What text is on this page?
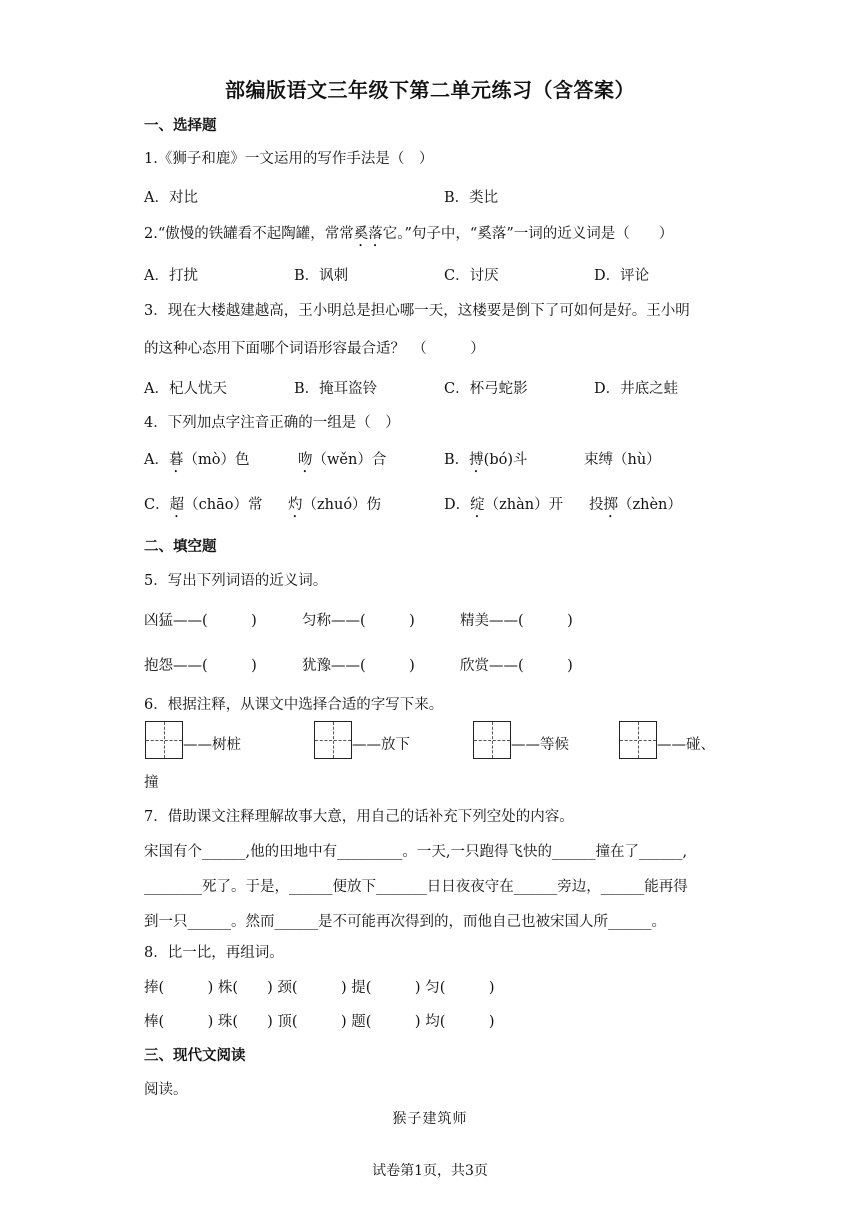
部编版语文三年级下第二单元练习（含答案）
一、选择题
1.《狮子和鹿》一文运用的写作手法是（　）
A．对比	B．类比
2.“傲慢的铁罐看不起陶罐，常常奚落它。”句子中，“奚落”一词的近义词是（　　）
A．打扰	B．讽刺	C．讨厌	D．评论
3．现在大楼越建越高，王小明总是担心哪一天，这楼要是倒下了可如何是好。王小明
的这种心态用下面哪个词语形容最合适？　（　　　）
A．杞人忧天	B．掩耳盗铃	C．杯弓蛇影	D．井底之蛙
4．下列加点字注音正确的一组是（　）
A．暮（mò）色	吻（wěn）合	B．搏(bó)斗	束缚（hù）
C．超（chāo）常 灼（zhuó）伤	D．绽（zhàn）开 投掷（zhèn）
二、填空题
5．写出下列词语的近义词。
凶猛——(　　　)	匀称——(　　　)	精美——(　　　)
抱怨——(　　　)	犹豫——(　　　)	欣赏——(　　　)
6．根据注释，从课文中选择合适的字写下来。
——树桩	——放下	——等候	——碰、
撞
7．借助课文注释理解故事大意，用自己的话补充下列空处的内容。
宋国有个______,他的田地中有_________。一天,一只跑得飞快的______撞在了______,
________死了。于是，______便放下_______日日夜夜守在______旁边，______能再得
到一只______。然而______是不可能再次得到的，而他自己也被宋国人所______。
8．比一比，再组词。
捧(　　　) 株(　　) 颈(　　　) 提(　　　) 匀(　　　)
棒(　　　) 珠(　　) 顶(　　　) 题(　　　) 均(　　　)
三、现代文阅读
阅读。
猴子建筑师
试卷第1页，共3页
